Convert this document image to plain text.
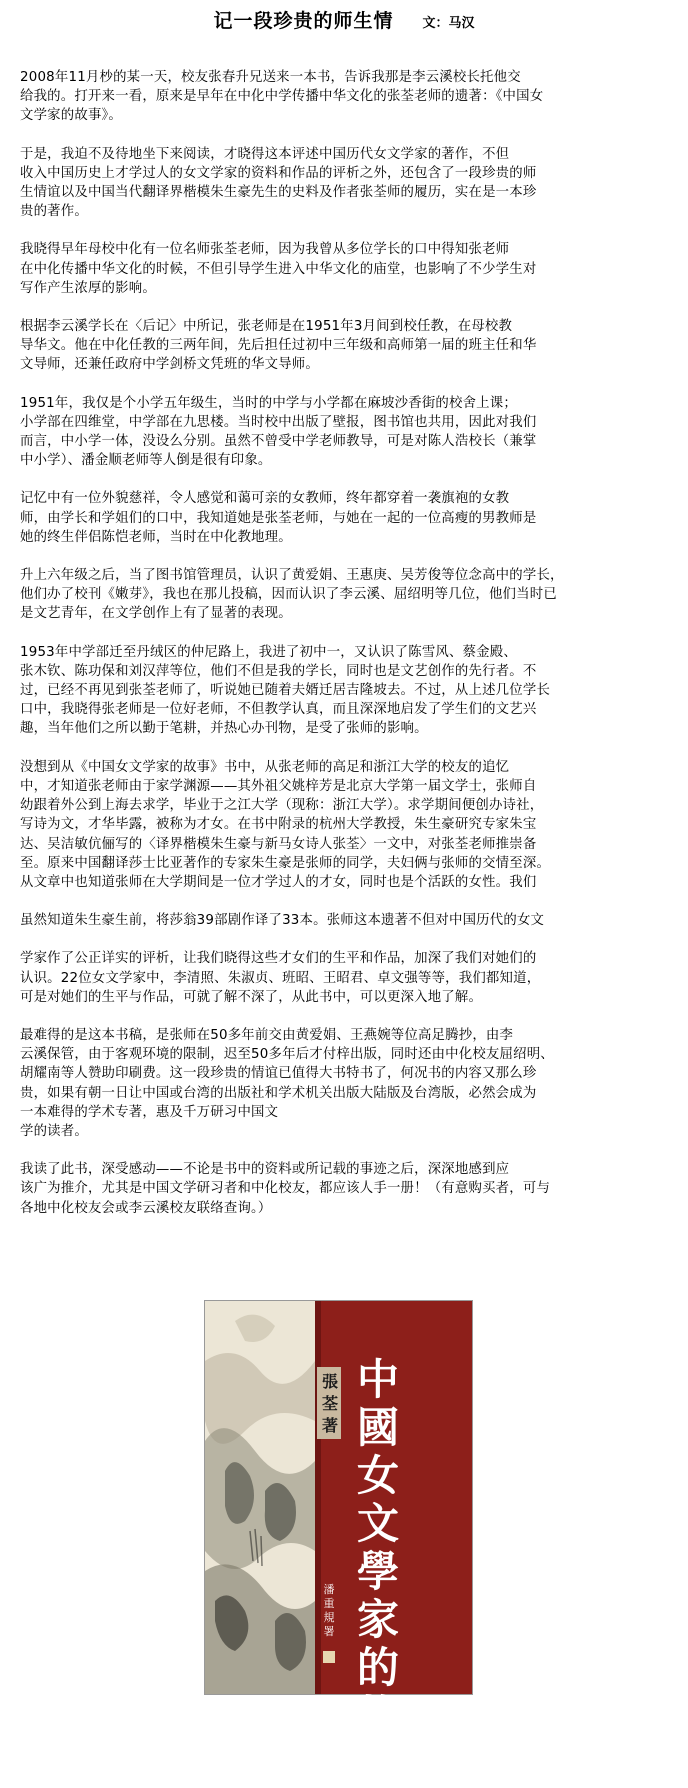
记一段珍贵的师生情 文：马汉
2008年11月杪的某一天，校友张春升兄送来一本书，告诉我那是李云溪校长托他交
给我的。打开来一看，原来是早年在中化中学传播中华文化的张荃老师的遗著：《中国女
文学家的故事》。
于是，我迫不及待地坐下来阅读，才晓得这本评述中国历代女文学家的著作，不但
收入中国历史上才学过人的女文学家的资料和作品的评析之外，还包含了一段珍贵的师
生情谊以及中国当代翻译界楷模朱生豪先生的史料及作者张荃师的履历，实在是一本珍
贵的著作。
我晓得早年母校中化有一位名师张荃老师，因为我曾从多位学长的口中得知张老师
在中化传播中华文化的时候，不但引导学生进入中华文化的庙堂，也影响了不少学生对
写作产生浓厚的影响。
根据李云溪学长在〈后记〉中所记，张老师是在1951年3月间到校任教，在母校教
导华文。他在中化任教的三两年间，先后担任过初中三年级和高师第一届的班主任和华
文导师，还兼任政府中学剑桥文凭班的华文导师。
1951年，我仅是个小学五年级生，当时的中学与小学都在麻坡沙香街的校舍上课；
小学部在四维堂，中学部在九思楼。当时校中出版了壁报，图书馆也共用，因此对我们
而言，中小学一体，没设么分别。虽然不曾受中学老师教导，可是对陈人浩校长（兼掌
中小学）、潘金顺老师等人倒是很有印象。
记忆中有一位外貌慈祥，令人感觉和蔼可亲的女教师，终年都穿着一袭旗袍的女教
师，由学长和学姐们的口中，我知道她是张荃老师，与她在一起的一位高瘦的男教师是
她的终生伴侣陈恺老师，当时在中化教地理。
升上六年级之后，当了图书馆管理员，认识了黄爱娟、王惠庚、吴芳俊等位念高中的学长，
他们办了校刊《嫩芽》，我也在那儿投稿，因而认识了李云溪、屈绍明等几位，他们当时已
是文艺青年，在文学创作上有了显著的表现。
1953年中学部迁至丹绒区的仲尼路上，我进了初中一，又认识了陈雪风、蔡金殿、
张木钦、陈功保和刘汉萍等位，他们不但是我的学长，同时也是文艺创作的先行者。不
过，已经不再见到张荃老师了，听说她已随着夫婿迁居吉隆坡去。不过，从上述几位学长
口中，我晓得张老师是一位好老师，不但教学认真，而且深深地启发了学生们的文艺兴
趣，当年他们之所以勤于笔耕，并热心办刊物，是受了张师的影响。
没想到从《中国女文学家的故事》书中，从张老师的高足和浙江大学的校友的追忆
中，才知道张老师由于家学渊源——其外祖父姚梓芳是北京大学第一届文学士，张师自
幼跟着外公到上海去求学，毕业于之江大学（现称：浙江大学）。求学期间便创办诗社，
写诗为文，才华毕露，被称为才女。在书中附录的杭州大学教授，朱生豪研究专家朱宝
达、吴洁敏伉俪写的〈译界楷模朱生豪与新马女诗人张荃〉一文中，对张荃老师推崇备
至。原来中国翻译莎士比亚著作的专家朱生豪是张师的同学，夫妇俩与张师的交情至深。
从文章中也知道张师在大学期间是一位才学过人的才女，同时也是个活跃的女性。我们
虽然知道朱生豪生前，将莎翁39部剧作译了33本。张师这本遗著不但对中国历代的女文
学家作了公正详实的评析，让我们晓得这些才女们的生平和作品，加深了我们对她们的
认识。22位女文学家中，李清照、朱淑贞、班昭、王昭君、卓文强等等，我们都知道，
可是对她们的生平与作品，可就了解不深了，从此书中，可以更深入地了解。
最难得的是这本书稿，是张师在50多年前交由黄爱娟、王燕婉等位高足腾抄，由李
云溪保管，由于客观环境的限制，迟至50多年后才付梓出版，同时还由中化校友屈绍明、
胡耀南等人赞助印刷费。这一段珍贵的情谊已值得大书特书了，何况书的内容又那么珍
贵，如果有朝一日让中国或台湾的出版社和学术机关出版大陆版及台湾版，必然会成为
一本难得的学术专著，惠及千万研习中国文
学的读者。
我读了此书，深受感动——不论是书中的资料或所记载的事迹之后，深深地感到应
该广为推介，尤其是中国文学研习者和中化校友，都应该人手一册！（有意购买者，可与
各地中化校友会或李云溪校友联络查询。）
張
荃
著
中
國
女
文
學
家
的
故
事
潘
重
規
署
